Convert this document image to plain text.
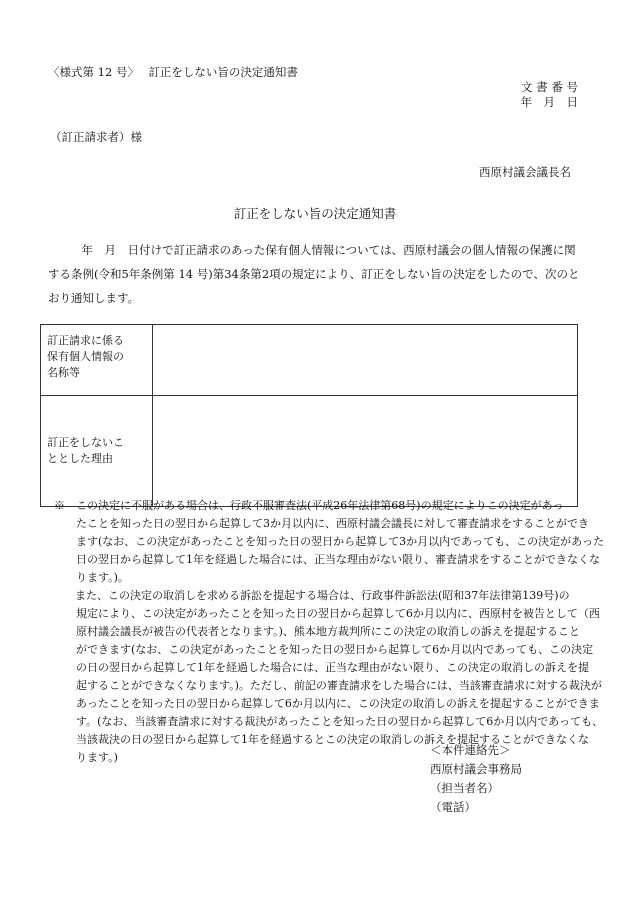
〈様式第 12 号〉　 訂正をしない旨の決定通知書
文 書 番 号
年　月　日
（訂正請求者）様
西原村議会議長名
訂正をしない旨の決定通知書
　年　月　日付けで訂正請求のあった保有個人情報については、西原村議会の個人情報の保護に関
する条例(令和5年条例第 14 号)第34条第2項の規定により、訂正をしない旨の決定をしたので、次のと
おり通知します。
訂正請求に係る
保有個人情報の
名称等	

訂正をしないこ
ととした理由	

※　この決定に不服がある場合は、行政不服審査法(平成26年法律第68号)の規定によりこの決定があっ
たことを知った日の翌日から起算して3か月以内に、西原村議会議長に対して審査請求をすることができ
ます(なお、この決定があったことを知った日の翌日から起算して3か月以内であっても、この決定があった
日の翌日から起算して1年を経過した場合には、正当な理由がない限り、審査請求をすることができなくな
ります。)。
　また、この決定の取消しを求める訴訟を提起する場合は、行政事件訴訟法(昭和37年法律第139号)の
規定により、この決定があったことを知った日の翌日から起算して6か月以内に、西原村を被告として（西
原村議会議長が被告の代表者となります。)、熊本地方裁判所にこの決定の取消しの訴えを提起すること
ができます(なお、この決定があったことを知った日の翌日から起算して6か月以内であっても、この決定
の日の翌日から起算して1年を経過した場合には、正当な理由がない限り、この決定の取消しの訴えを提
起することができなくなります。)。ただし、前記の審査請求をした場合には、当該審査請求に対する裁決が
あったことを知った日の翌日から起算して6か月以内に、この決定の取消しの訴えを提起することができま
す。(なお、当該審査請求に対する裁決があったことを知った日の翌日から起算して6か月以内であっても、
当該裁決の日の翌日から起算して1年を経過するとこの決定の取消しの訴えを提起することができなくな
ります。)
＜本件連絡先＞
西原村議会事務局
（担当者名）
（電話）
